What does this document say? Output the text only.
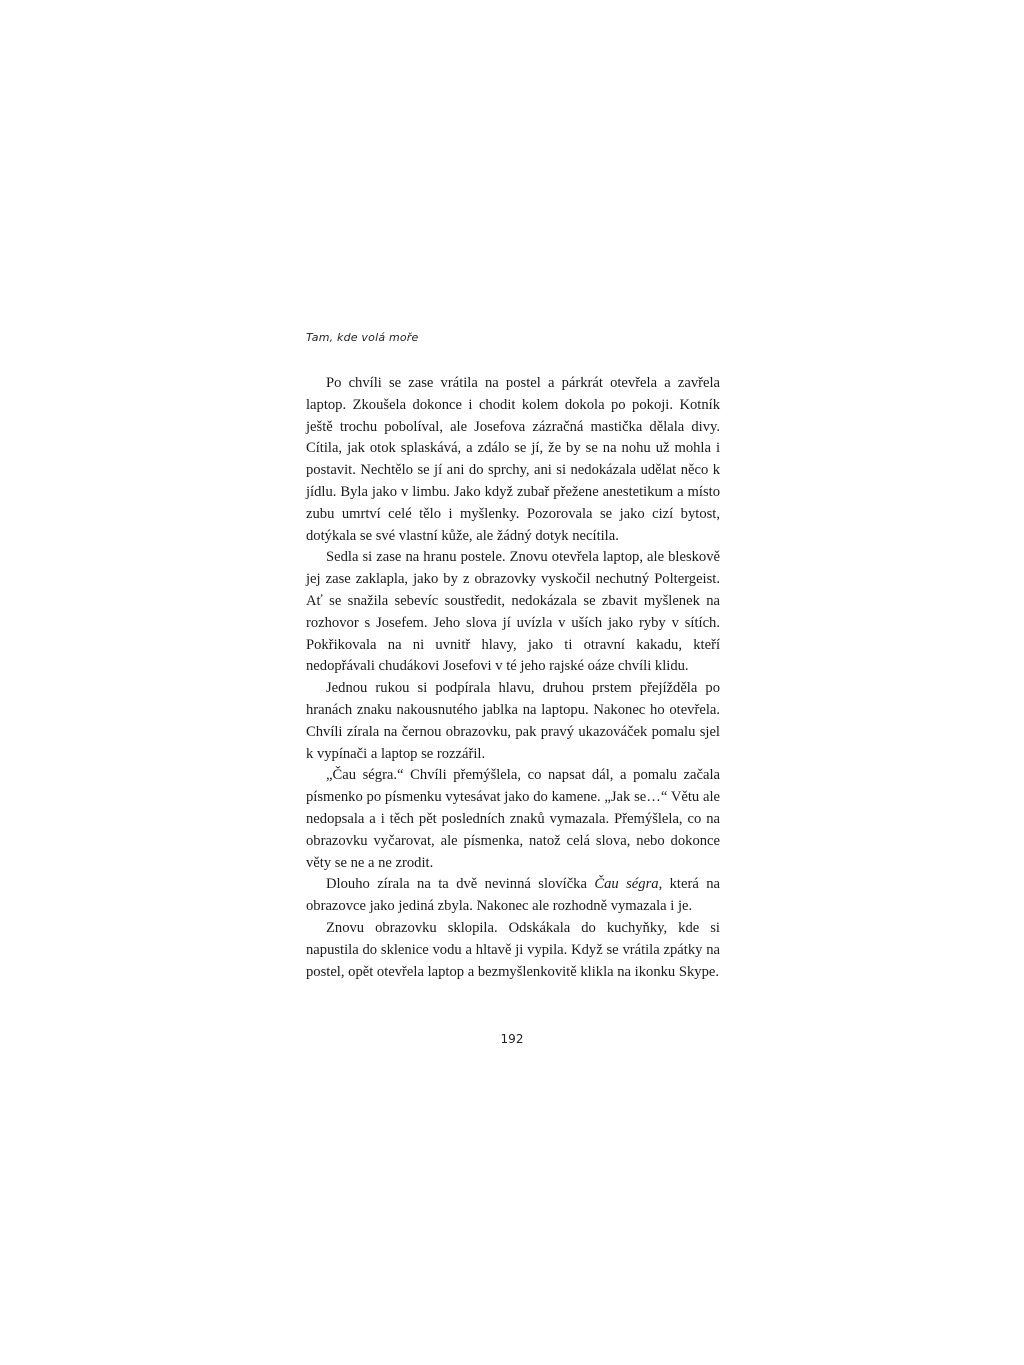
Tam, kde volá moře

Po chvíli se zase vrátila na postel a párkrát otevřela a zavřela laptop. Zkoušela dokonce i chodit kolem dokola po pokoji. Kotník ještě trochu pobolíval, ale Josefova zázračná mastička dělala divy. Cítila, jak otok splaskává, a zdálo se jí, že by se na nohu už mohla i postavit. Nechtělo se jí ani do sprchy, ani si nedokázala udělat něco k jídlu. Byla jako v limbu. Jako když zubař přežene anestetikum a místo zubu umrtví celé tělo i myšlenky. Pozorovala se jako cizí bytost, dotýkala se své vlastní kůže, ale žádný dotyk necítila.

Sedla si zase na hranu postele. Znovu otevřela laptop, ale bleskově jej zase zaklapla, jako by z obrazovky vyskočil nechutný Poltergeist. Ať se snažila sebevíc soustředit, nedokázala se zbavit myšlenek na rozhovor s Josefem. Jeho slova jí uvízla v uších jako ryby v sítích. Pokřikovala na ni uvnitř hlavy, jako ti otravní kakadu, kteří nedopřávali chudákovi Josefovi v té jeho rajské oáze chvíli klidu.

Jednou rukou si podpírala hlavu, druhou prstem přejížděla po hranách znaku nakousnutého jablka na laptopu. Nakonec ho otevřela. Chvíli zírala na černou obrazovku, pak pravý ukazováček pomalu sjel k vypínači a laptop se rozzářil.

„Čau ségra.“ Chvíli přemýšlela, co napsat dál, a pomalu začala písmenko po písmenku vytesávat jako do kamene. „Jak se…“ Větu ale nedopsala a i těch pět posledních znaků vymazala. Přemýšlela, co na obrazovku vyčarovat, ale písmenka, natož celá slova, nebo dokonce věty se ne a ne zrodit.

Dlouho zírala na ta dvě nevinná slovíčka Čau ségra, která na obrazovce jako jediná zbyla. Nakonec ale rozhodně vymazala i je.

Znovu obrazovku sklopila. Odskákala do kuchyňky, kde si napustila do sklenice vodu a hltavě ji vypila. Když se vrátila zpátky na postel, opět otevřela laptop a bezmyšlenkovitě klikla na ikonku Skype.

192
